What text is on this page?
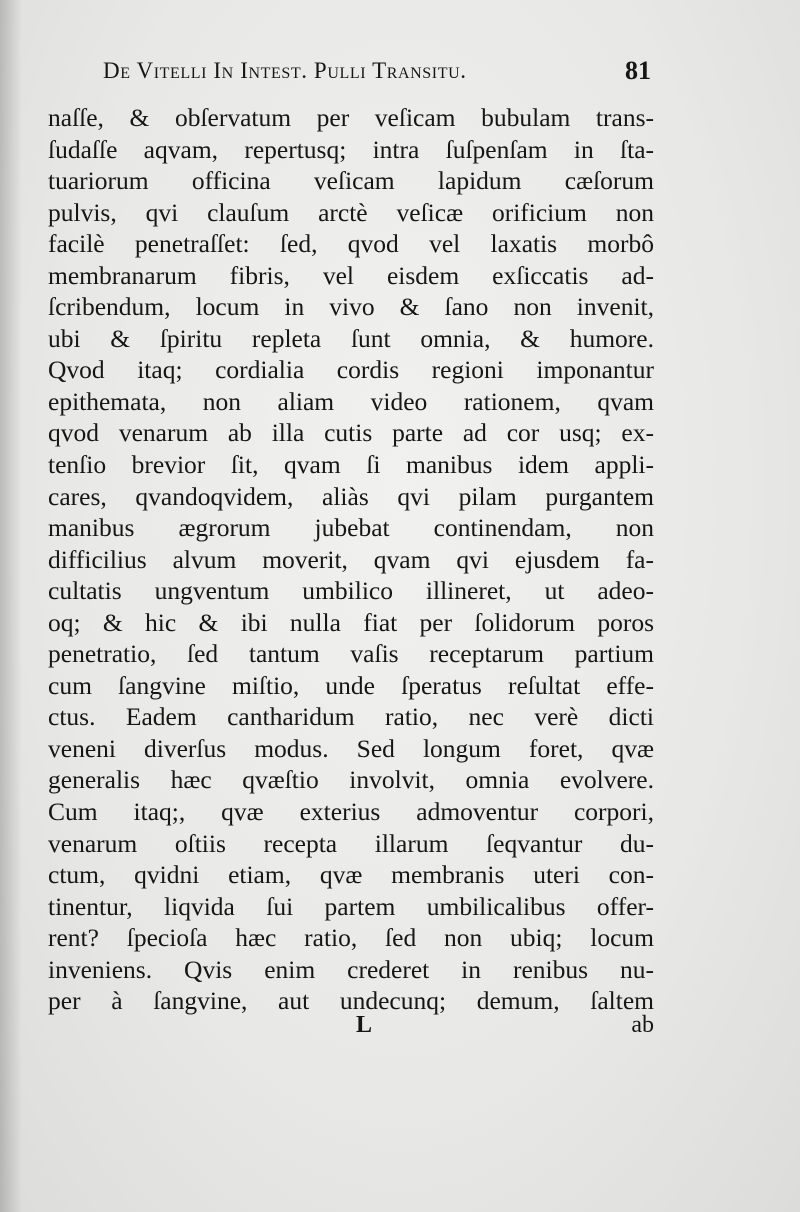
De Vitelli In Intest. Pulli Transitu.	81
naſſe, & obſervatum per veſicam bubulam trans-
ſudaſſe aqvam, repertusq; intra ſuſpenſam in ſta-
tuariorum officina veſicam lapidum cæſorum
pulvis, qvi clauſum arctè veſicæ orificium non
facilè penetraſſet: ſed, qvod vel laxatis morbô
membranarum fibris, vel eisdem exſiccatis ad-
ſcribendum, locum in vivo & ſano non invenit,
ubi & ſpiritu repleta ſunt omnia, & humore.
Qvod itaq; cordialia cordis regioni imponantur
epithemata, non aliam video rationem, qvam
qvod venarum ab illa cutis parte ad cor usq; ex-
tenſio brevior ſit, qvam ſi manibus idem appli-
cares, qvandoqvidem, aliàs qvi pilam purgantem
manibus ægrorum jubebat continendam, non
difficilius alvum moverit, qvam qvi ejusdem fa-
cultatis ungventum umbilico illineret, ut adeo-
oq; & hic & ibi nulla fiat per ſolidorum poros
penetratio, ſed tantum vaſis receptarum partium
cum ſangvine miſtio, unde ſperatus reſultat effe-
ctus. Eadem cantharidum ratio, nec verè dicti
veneni diverſus modus. Sed longum foret, qvæ
generalis hæc qvæſtio involvit, omnia evolvere.
Cum itaq;, qvæ exterius admoventur corpori,
venarum oſtiis recepta illarum ſeqvantur du-
ctum, qvidni etiam, qvæ membranis uteri con-
tinentur, liqvida ſui partem umbilicalibus offer-
rent? ſpecioſa hæc ratio, ſed non ubiq; locum
inveniens. Qvis enim crederet in renibus nu-
per à ſangvine, aut undecunq; demum, ſaltem
L	ab
